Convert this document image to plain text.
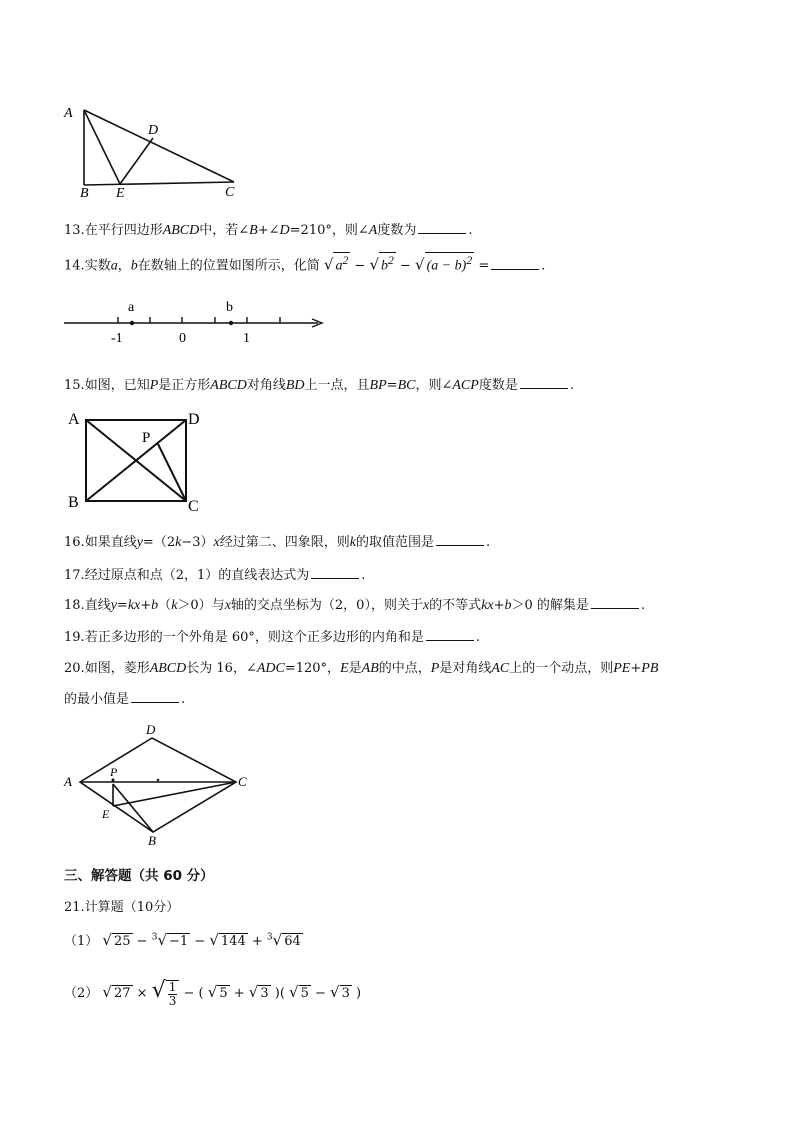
A
D
B E	C
13.在平行四边形ABCD中，若∠B+∠D=210°，则∠A度数为	.
14.实数a，b在数轴上的位置如图所示，化简 √ $a^2$ − √ $b^2$ − √ $(a - b)^2$ =	.
a	b
-1	0	1
15.如图，已知P是正方形ABCD对角线BD上一点，且BP=BC，则∠ACP度数是	.
A	D
P
B	C
16.如果直线y=（2k−3）x经过第二、四象限，则k的取值范围是	.
17.经过原点和点（2，1）的直线表达式为	.
18.直线y=kx+b（k＞0）与x轴的交点坐标为（2，0），则关于x的不等式kx+b＞0 的解集是	.
19.若正多边形的一个外角是 60°，则这个正多边形的内角和是	.
20.如图，菱形ABCD长为 16，∠ADC=120°，E是AB的中点，P是对角线AC上的一个动点，则PE+PB
的最小值是	.
A
D
C
P
E
B
三、解答题（共 60 分）
21.计算题（10分）
（1） √ 25 − $^3$√ −1 − √ 144 + $^3$√ 64
（2） √ 27 × √ $\frac{1}{3}$ − ( √ 5 + √ 3 )( √ 5 − √ 3 )
